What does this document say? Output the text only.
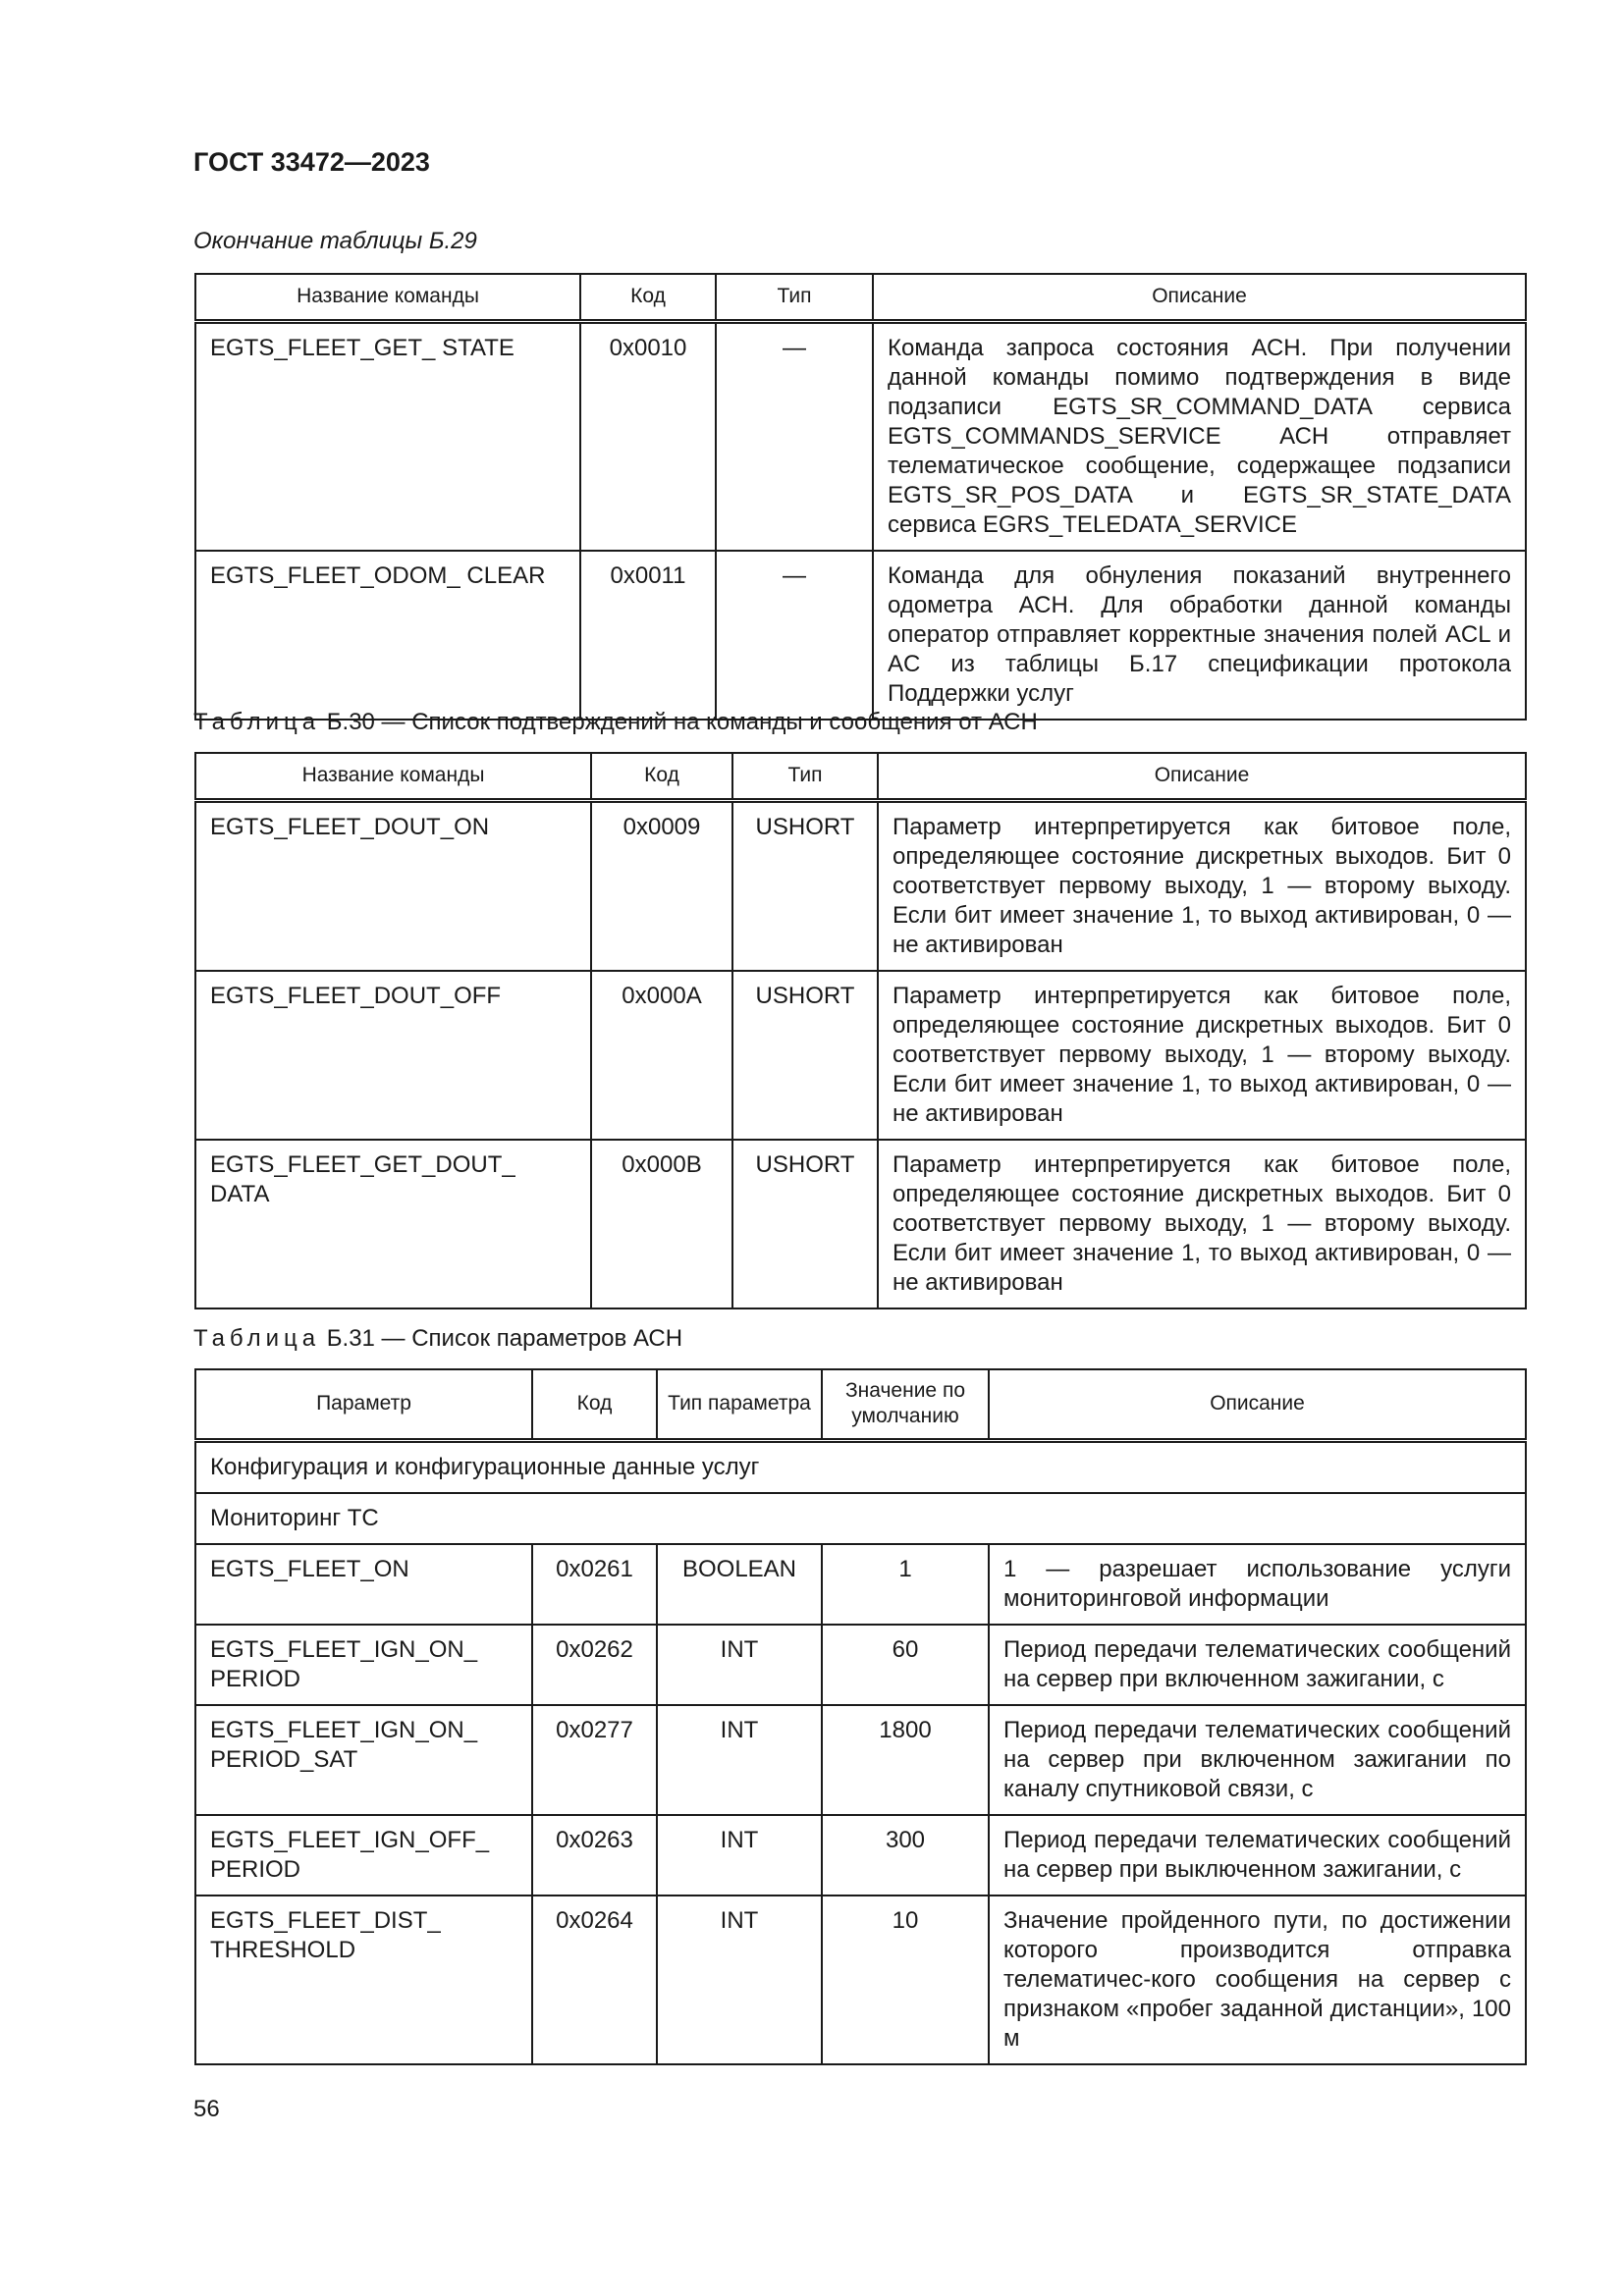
ГОСТ 33472—2023

Окончание таблицы Б.29

Название команды	Код	Тип	Описание
EGTS_FLEET_GET_ STATE	0x0010	—	Команда запроса состояния АСН. При получении данной команды помимо подтверждения в виде подзаписи EGTS_SR_COMMAND_DATA сервиса EGTS_COMMANDS_SERVICE АСН отправляет телематическое сообщение, содержащее подзаписи EGTS_SR_POS_DATA и EGTS_SR_STATE_DATA сервиса EGRS_TELEDATA_SERVICE
EGTS_FLEET_ODOM_ CLEAR	0x0011	—	Команда для обнуления показаний внутреннего одометра АСН. Для обработки данной команды оператор отправляет корректные значения полей ACL и AC из таблицы Б.17 спецификации протокола Поддержки услуг

Таблица Б.30 — Список подтверждений на команды и сообщения от АСН

Название команды	Код	Тип	Описание
EGTS_FLEET_DOUT_ON	0x0009	USHORT	Параметр интерпретируется как битовое поле, определяющее состояние дискретных выходов. Бит 0 соответствует первому выходу, 1 — второму выходу. Если бит имеет значение 1, то выход активирован, 0 — не активирован
EGTS_FLEET_DOUT_OFF	0x000A	USHORT	Параметр интерпретируется как битовое поле, определяющее состояние дискретных выходов. Бит 0 соответствует первому выходу, 1 — второму выходу. Если бит имеет значение 1, то выход активирован, 0 — не активирован
EGTS_FLEET_GET_DOUT_ DATA	0x000B	USHORT	Параметр интерпретируется как битовое поле, определяющее состояние дискретных выходов. Бит 0 соответствует первому выходу, 1 — второму выходу. Если бит имеет значение 1, то выход активирован, 0 — не активирован

Таблица Б.31 — Список параметров АСН

Параметр	Код	Тип параметра	Значение по умолчанию	Описание
Конфигурация и конфигурационные данные услуг				
Мониторинг ТС				
EGTS_FLEET_ON	0x0261	BOOLEAN	1	1 — разрешает использование услуги мониторинговой информации
EGTS_FLEET_IGN_ON_ PERIOD	0x0262	INT	60	Период передачи телематических сообщений на сервер при включенном зажигании, с
EGTS_FLEET_IGN_ON_ PERIOD_SAT	0x0277	INT	1800	Период передачи телематических сообщений на сервер при включенном зажигании по каналу спутниковой связи, с
EGTS_FLEET_IGN_OFF_ PERIOD	0x0263	INT	300	Период передачи телематических сообщений на сервер при выключенном зажигании, с
EGTS_FLEET_DIST_ THRESHOLD	0x0264	INT	10	Значение пройденного пути, по достижении которого производится отправка телематичес-кого сообщения на сервер с признаком «пробег заданной дистанции», 100 м

56
